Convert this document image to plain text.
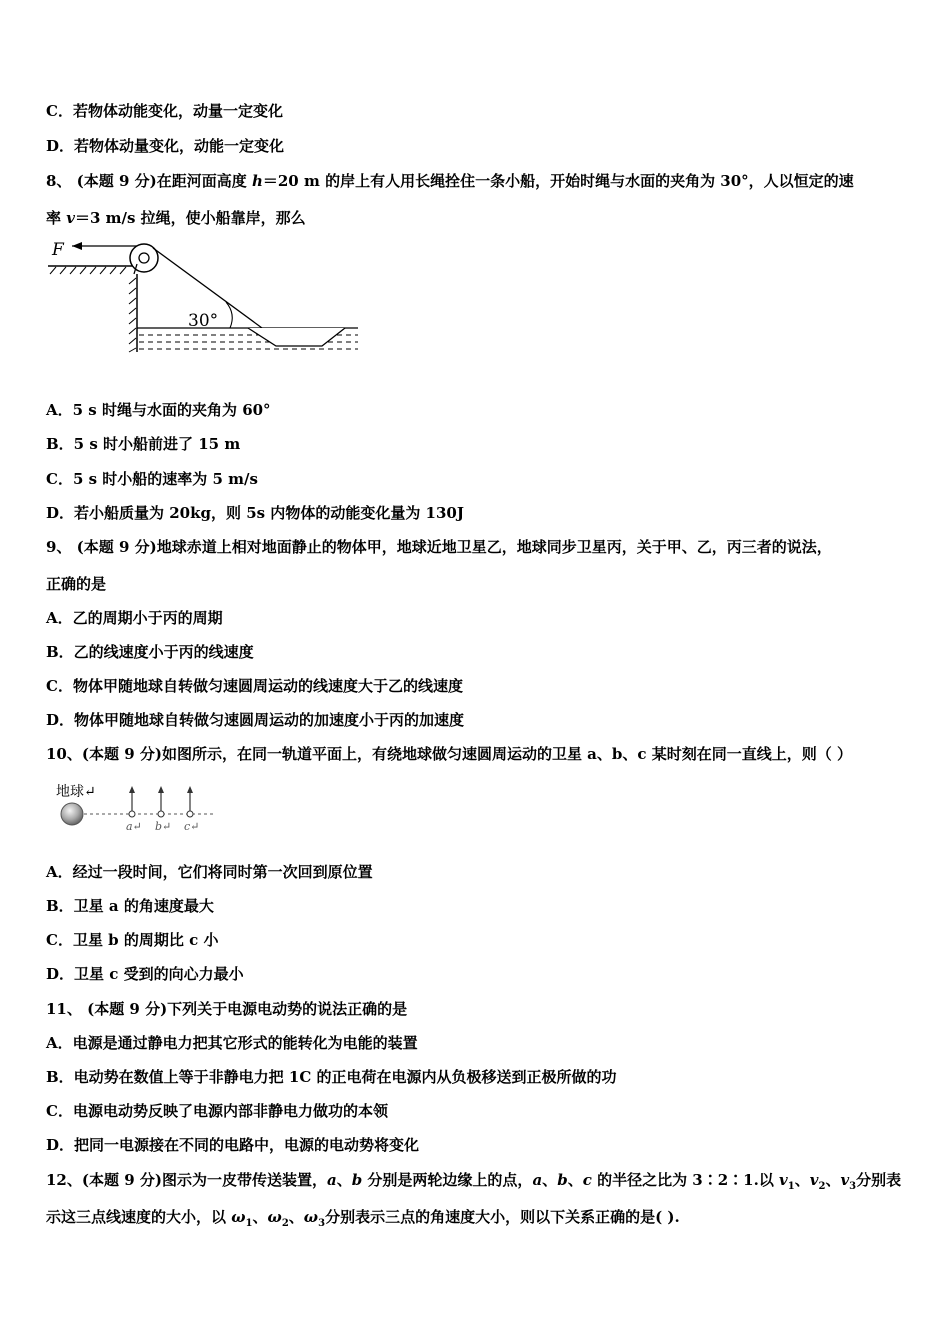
C．若物体动能变化，动量一定变化
D．若物体动量变化，动能一定变化
8、 (本题 9 分)在距河面高度 h＝20 m 的岸上有人用长绳拴住一条小船，开始时绳与水面的夹角为 30°，人以恒定的速
率 v＝3 m/s 拉绳，使小船靠岸，那么
F
30°
A．5 s 时绳与水面的夹角为 60°
B．5 s 时小船前进了 15 m
C．5 s 时小船的速率为 5 m/s
D．若小船质量为 20kg，则 5s 内物体的动能变化量为 130J
9、 (本题 9 分)地球赤道上相对地面静止的物体甲，地球近地卫星乙，地球同步卫星丙，关于甲、乙，丙三者的说法，
正确的是
A．乙的周期小于丙的周期
B．乙的线速度小于丙的线速度
C．物体甲随地球自转做匀速圆周运动的线速度大于乙的线速度
D．物体甲随地球自转做匀速圆周运动的加速度小于丙的加速度
10、(本题 9 分)如图所示，在同一轨道平面上，有绕地球做匀速圆周运动的卫星 a、b、c 某时刻在同一直线上，则（ ）
地球↵
a↵ b↵ c↵
A．经过一段时间，它们将同时第一次回到原位置
B．卫星 a 的角速度最大
C．卫星 b 的周期比 c 小
D．卫星 c 受到的向心力最小
11、 (本题 9 分)下列关于电源电动势的说法正确的是
A．电源是通过静电力把其它形式的能转化为电能的装置
B．电动势在数值上等于非静电力把 1C 的正电荷在电源内从负极移送到正极所做的功
C．电源电动势反映了电源内部非静电力做功的本领
D．把同一电源接在不同的电路中，电源的电动势将变化
12、(本题 9 分)图示为一皮带传送装置，a、b 分别是两轮边缘上的点，a、b、c 的半径之比为 3∶2∶1.以 $v_1$、$v_2$、$v_3$分别表
示这三点线速度的大小，以 $\omega_1$、$\omega_2$、$\omega_3$分别表示三点的角速度大小，则以下关系正确的是( ).
